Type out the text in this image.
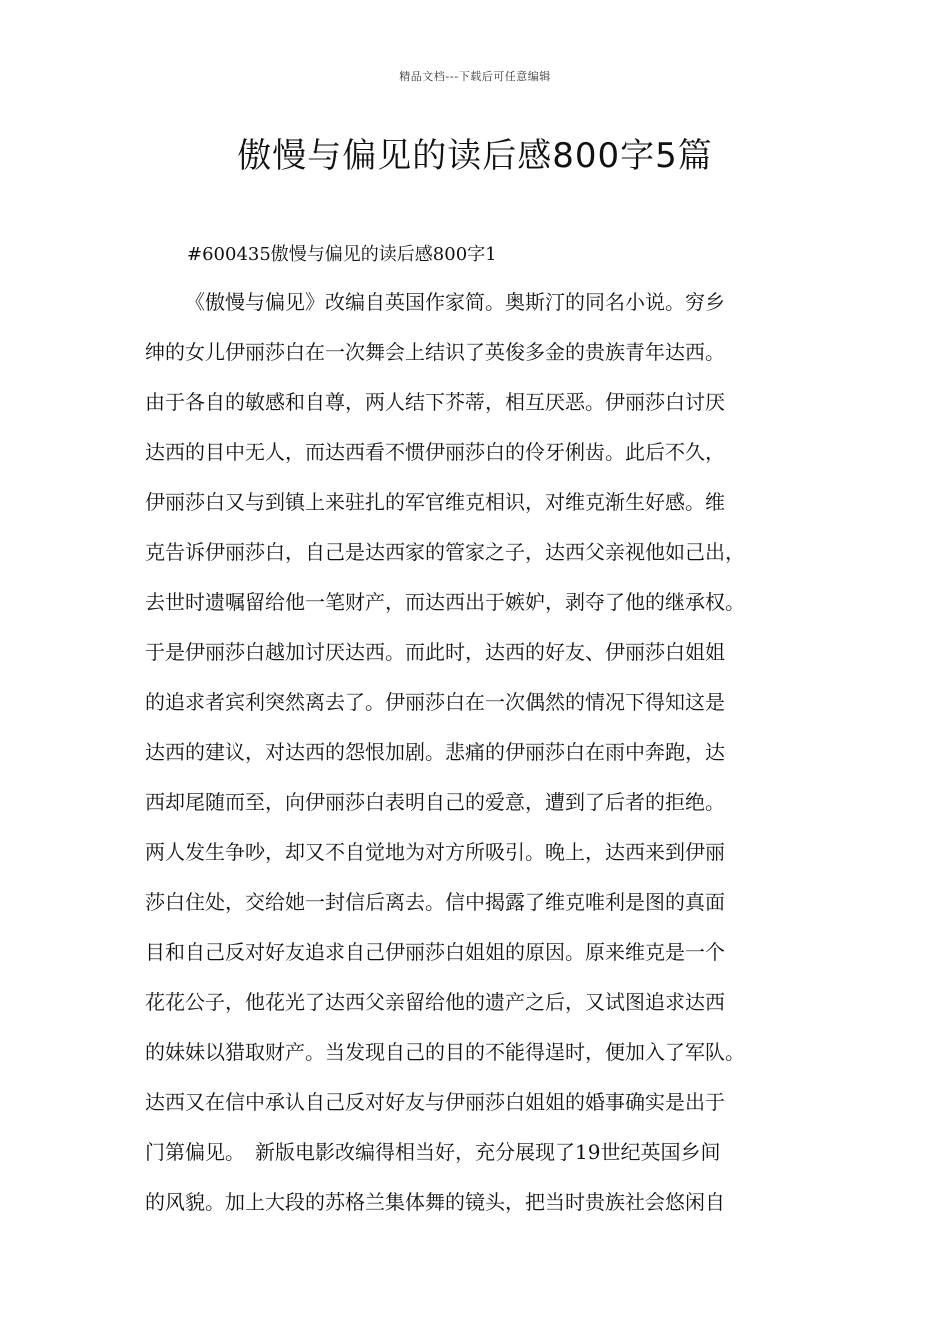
精品文档---下载后可任意编辑
傲慢与偏见的读后感800字5篇
#600435傲慢与偏见的读后感800字1
《傲慢与偏见》改编自英国作家简。奥斯汀的同名小说。穷乡
绅的女儿伊丽莎白在一次舞会上结识了英俊多金的贵族青年达西。
由于各自的敏感和自尊，两人结下芥蒂，相互厌恶。伊丽莎白讨厌
达西的目中无人，而达西看不惯伊丽莎白的伶牙俐齿。此后不久，
伊丽莎白又与到镇上来驻扎的军官维克相识，对维克渐生好感。维
克告诉伊丽莎白，自己是达西家的管家之子，达西父亲视他如己出，
去世时遗嘱留给他一笔财产，而达西出于嫉妒，剥夺了他的继承权。
于是伊丽莎白越加讨厌达西。而此时，达西的好友、伊丽莎白姐姐
的追求者宾利突然离去了。伊丽莎白在一次偶然的情况下得知这是
达西的建议，对达西的怨恨加剧。悲痛的伊丽莎白在雨中奔跑，达
西却尾随而至，向伊丽莎白表明自己的爱意，遭到了后者的拒绝。
两人发生争吵，却又不自觉地为对方所吸引。晚上，达西来到伊丽
莎白住处，交给她一封信后离去。信中揭露了维克唯利是图的真面
目和自己反对好友追求自己伊丽莎白姐姐的原因。原来维克是一个
花花公子，他花光了达西父亲留给他的遗产之后，又试图追求达西
的妹妹以猎取财产。当发现自己的目的不能得逞时，便加入了军队。
达西又在信中承认自己反对好友与伊丽莎白姐姐的婚事确实是出于
门第偏见。　新版电影改编得相当好，充分展现了19世纪英国乡间
的风貌。加上大段的苏格兰集体舞的镜头，把当时贵族社会悠闲自
